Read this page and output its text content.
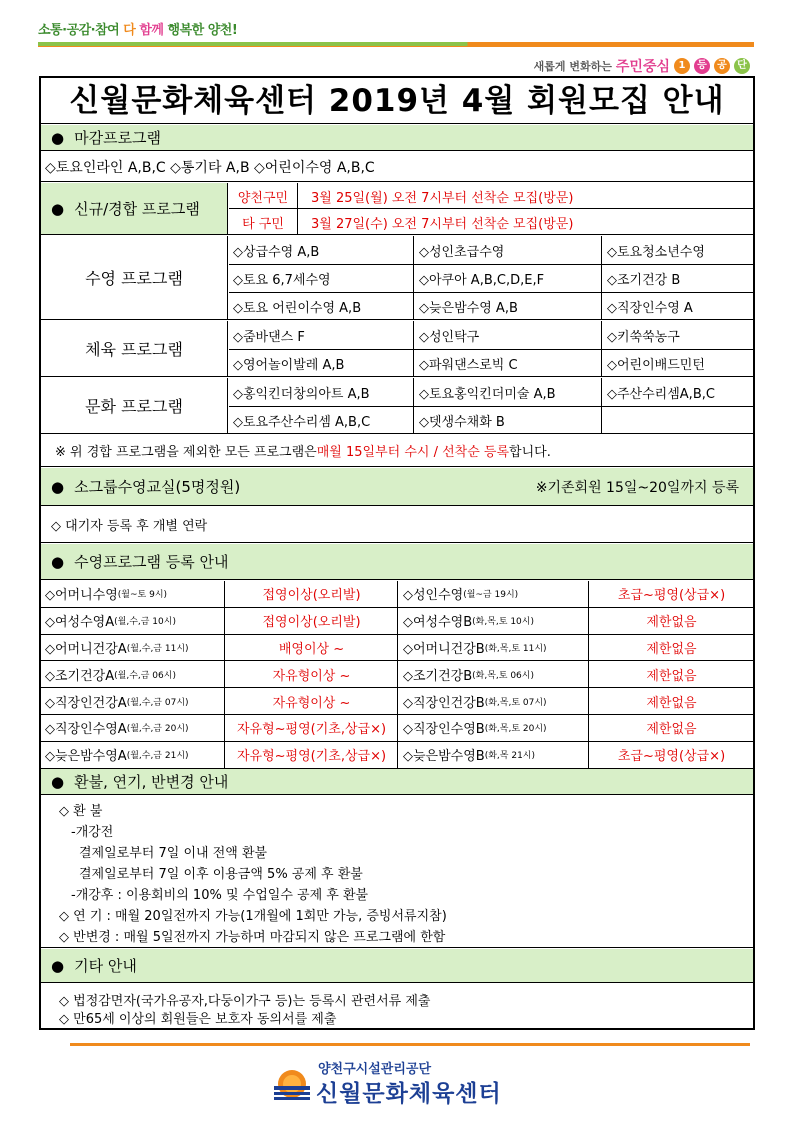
소통·공감·참여 다 함께 행복한 양천!
새롭게 변화하는 주민중심 1	등	공	단
신월문화체육센터 2019년 4월 회원모집 안내
● 마감프로그램
◇토요인라인 A,B,C ◇통기타 A,B ◇어린이수영 A,B,C
● 신규/경합 프로그램
양천구민	3월 25일(월) 오전 7시부터 선착순 모집(방문)
타 구민	3월 27일(수) 오전 7시부터 선착순 모집(방문)
수영 프로그램
◇상급수영 A,B	◇성인초급수영	◇토요청소년수영
◇토요 6,7세수영	◇아쿠아 A,B,C,D,E,F	◇조기건강 B
◇토요 어린이수영 A,B	◇늦은밤수영 A,B	◇직장인수영 A
체육 프로그램
◇줌바댄스 F	◇성인탁구	◇키쑥쑥농구
◇영어놀이발레 A,B	◇파워댄스로빅 C	◇어린이배드민턴
문화 프로그램
◇홍익킨더창의아트 A,B	◇토요홍익킨더미술 A,B	◇주산수리셈A,B,C
◇토요주산수리셈 A,B,C	◇뎃생수채화 B
※ 위 경합 프로그램을 제외한 모든 프로그램은 매월 15일부터 수시 / 선착순 등록 합니다.
● 소그룹수영교실(5명정원)	※기존회원 15일~20일까지 등록
◇ 대기자 등록 후 개별 연락
● 수영프로그램 등록 안내
◇어머니수영 (월~토 9시)	접영이상(오리발)	◇성인수영 (월~금 19시)	초급~평영(상급×)
◇여성수영A (월,수,금 10시)	접영이상(오리발)	◇여성수영B (화,목,토 10시)	제한없음
◇어머니건강A (월,수,금 11시)	배영이상 ~	◇어머니건강B (화,목,토 11시)	제한없음
◇조기건강A (월,수,금 06시)	자유형이상 ~	◇조기건강B (화,목,토 06시)	제한없음
◇직장인건강A (월,수,금 07시)	자유형이상 ~	◇직장인건강B (화,목,토 07시)	제한없음
◇직장인수영A (월,수,금 20시)	자유형~평영(기초,상급×)	◇직장인수영B (화,목,토 20시)	제한없음
◇늦은밤수영A (월,수,금 21시)	자유형~평영(기초,상급×)	◇늦은밤수영B (화,목 21시)	초급~평영(상급×)
● 환불, 연기, 반변경 안내
◇ 환 불
-개강전
결제일로부터 7일 이내 전액 환불
결제일로부터 7일 이후 이용금액 5% 공제 후 환불
-개강후 : 이용회비의 10% 및 수업일수 공제 후 환불
◇ 연 기 : 매월 20일전까지 가능(1개월에 1회만 가능, 증빙서류지참)
◇ 반변경 : 매월 5일전까지 가능하며 마감되지 않은 프로그램에 한함
● 기타 안내
◇ 법정감면자(국가유공자,다둥이가구 등)는 등록시 관련서류 제출
◇ 만65세 이상의 회원들은 보호자 동의서를 제출
양천구시설관리공단
신월문화체육센터
